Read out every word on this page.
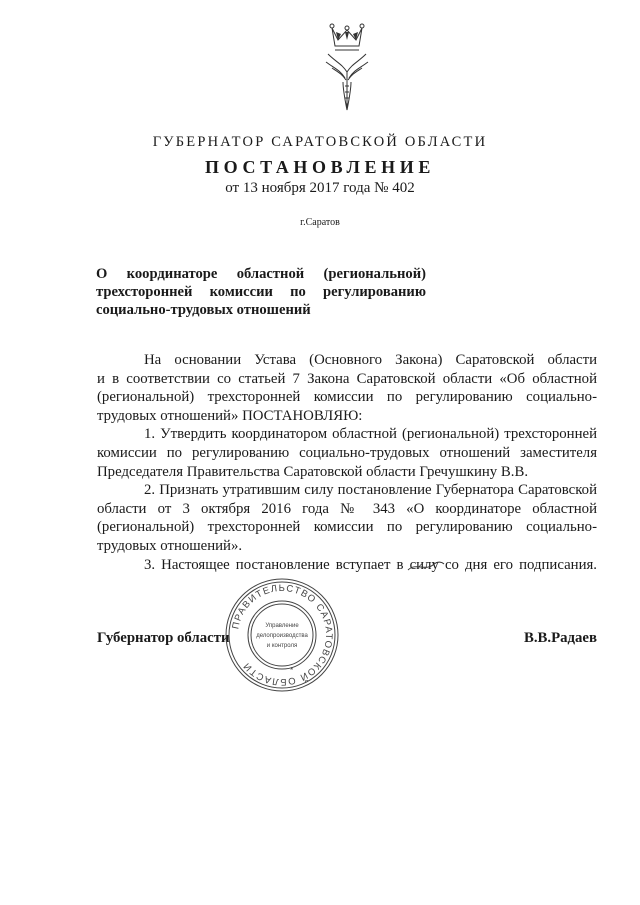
ГУБЕРНАТОР САРАТОВСКОЙ ОБЛАСТИ
ПОСТАНОВЛЕНИЕ
от 13 ноября 2017 года № 402
г.Саратов
О координаторе областной (региональной)
трехсторонней комиссии по регулированию
социально-трудовых отношений
На основании Устава (Основного Закона) Саратовской области
и в соответствии со статьей 7 Закона Саратовской области «Об областной
(региональной) трехсторонней комиссии по регулированию социально-
трудовых отношений» ПОСТАНОВЛЯЮ:
1. Утвердить координатором областной (региональной) трехсторонней
комиссии по регулированию социально-трудовых отношений заместителя
Председателя Правительства Саратовской области Гречушкину В.В.
2. Признать утратившим силу постановление Губернатора Саратовской
области от 3 октября 2016 года № 343 «О координаторе областной
(региональной) трехсторонней комиссии по регулированию социально-
трудовых отношений».
3. Настоящее постановление вступает в силу со дня его подписания.
Губернатор области	В.В.Радаев
ПРАВИТЕЛЬСТВО САРАТОВСКОЙ ОБЛАСТИ
Управление
делопроизводства
и контроля
*
